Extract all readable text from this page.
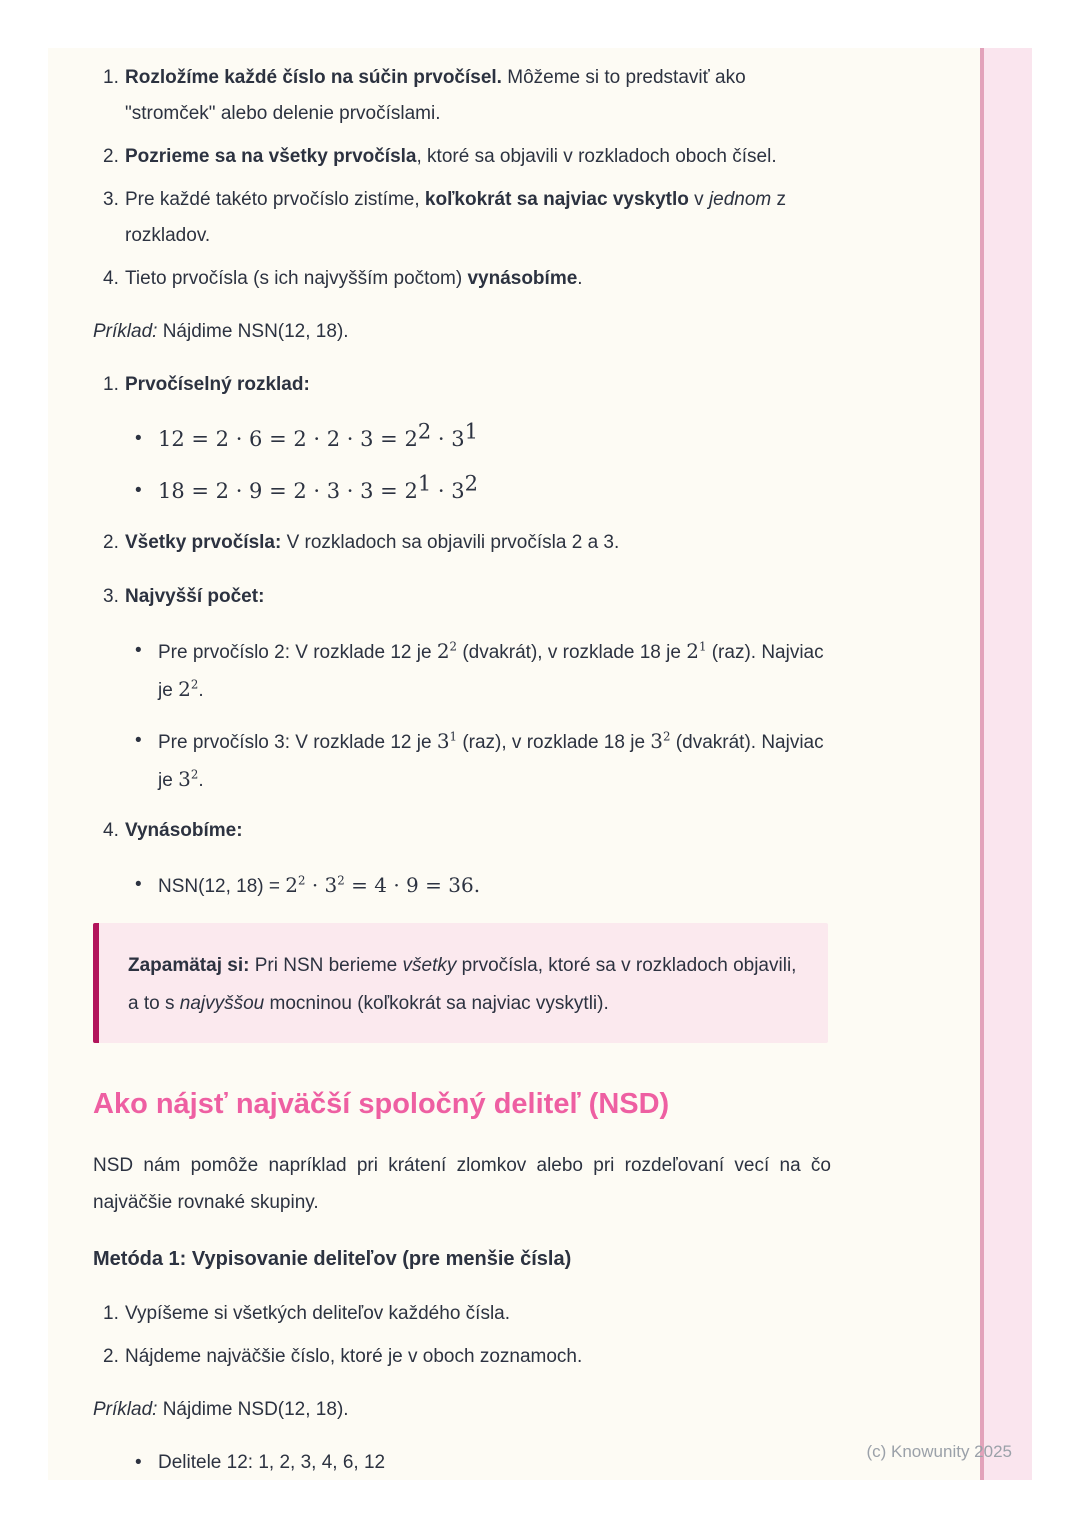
1. Rozložíme každé číslo na súčin prvočísel. Môžeme si to predstaviť ako "stromček" alebo delenie prvočíslami.
2. Pozrieme sa na všetky prvočísla, ktoré sa objavili v rozkladoch oboch čísel.
3. Pre každé takéto prvočíslo zistíme, koľkokrát sa najviac vyskytlo v jednom z rozkladov.
4. Tieto prvočísla (s ich najvyšším počtom) vynásobíme.

Príklad: Nájdime NSN(12, 18).

1. Prvočíselný rozklad:
• 12 = 2 · 6 = 2 · 2 · 3 = 22 · 31
• 18 = 2 · 9 = 2 · 3 · 3 = 21 · 32
2. Všetky prvočísla: V rozkladoch sa objavili prvočísla 2 a 3.
3. Najvyšší počet:
• Pre prvočíslo 2: V rozklade 12 je $2^2$ (dvakrát), v rozklade 18 je $2^1$ (raz). Najviac je $2^2$.
• Pre prvočíslo 3: V rozklade 12 je $3^1$ (raz), v rozklade 18 je $3^2$ (dvakrát). Najviac je $3^2$.
4. Vynásobíme:
• NSN(12, $18) = 2^2 \cdot 3^2 = 4 \cdot 9 = 36$.
Zapamätaj si: Pri NSN berieme všetky prvočísla, ktoré sa v rozkladoch objavili, a to s najvyššou mocninou (koľkokrát sa najviac vyskytli).
Ako nájsť najväčší spoločný deliteľ (NSD)

NSD nám pomôže napríklad pri krátení zlomkov alebo pri rozdeľovaní vecí na čo najväčšie rovnaké skupiny.

Metóda 1: Vypisovanie deliteľov (pre menšie čísla)
1. Vypíšeme si všetkých deliteľov každého čísla.
2. Nájdeme najväčšie číslo, ktoré je v oboch zoznamoch.

Príklad: Nájdime NSD(12, 18).

• Delitele 12: 1, 2, 3, 4, 6, 12
(c) Knowunity 2025
